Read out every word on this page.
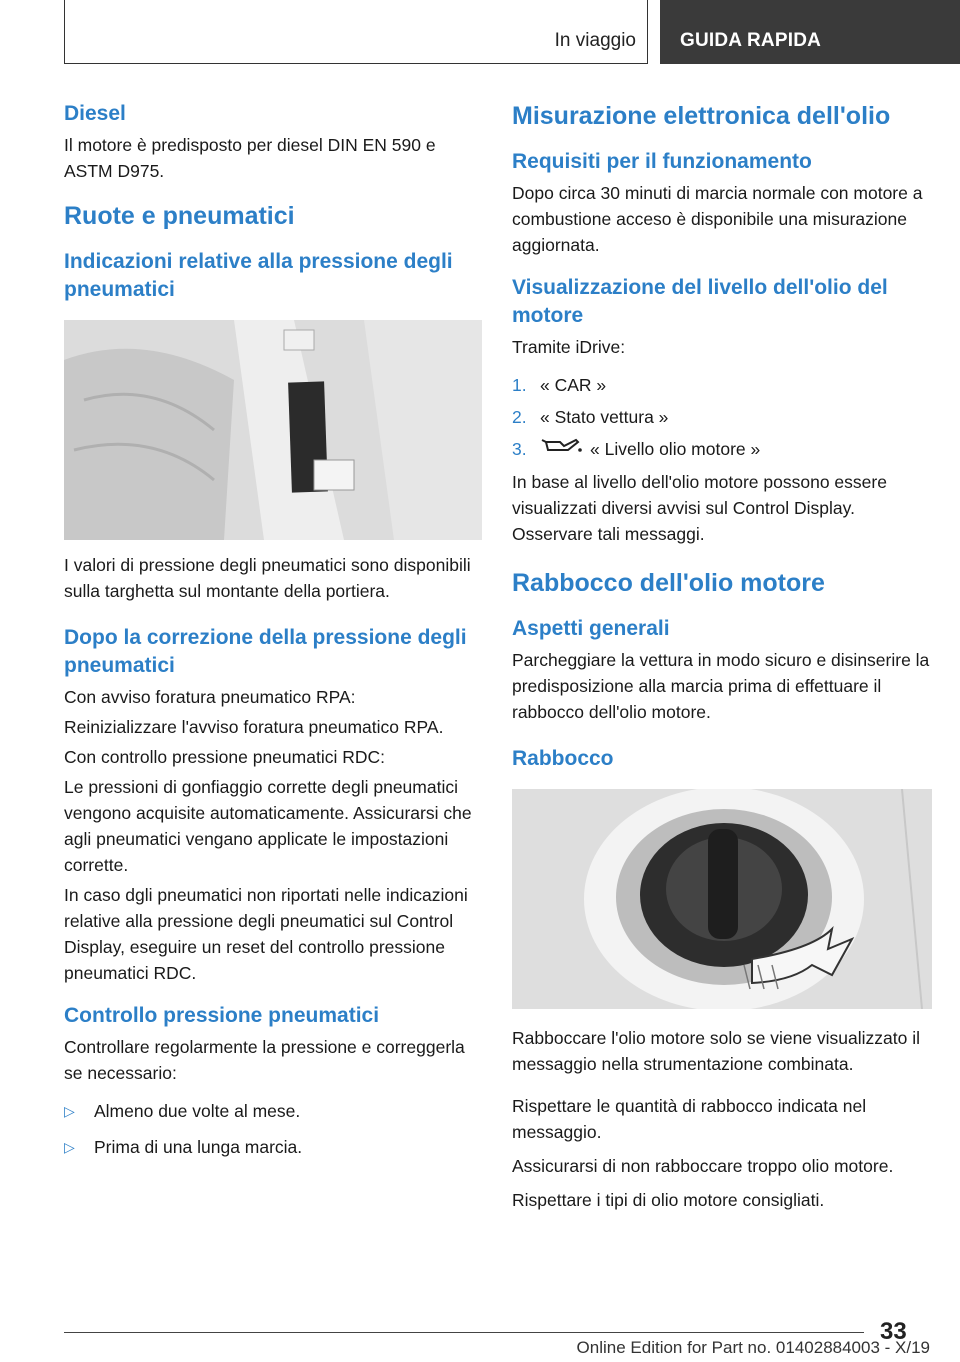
In viaggio	GUIDA RAPIDA
Diesel

Il motore è predisposto per diesel DIN EN 590 e ASTM D975.

Ruote e pneumatici
Indicazioni relative alla pressione degli pneumatici

I valori di pressione degli pneumatici sono disponibili sulla targhetta sul montante della portiera.

Dopo la correzione della pressione degli pneumatici

Con avviso foratura pneumatico RPA:

Reinizializzare l'avviso foratura pneumatico RPA.

Con controllo pressione pneumatici RDC:

Le pressioni di gonfiaggio corrette degli pneumatici vengono acquisite automaticamente. Assicurarsi che agli pneumatici vengano applicate le impostazioni corrette.

In caso dgli pneumatici non riportati nelle indicazioni relative alla pressione degli pneumatici sul Control Display, eseguire un reset del controllo pressione pneumatici RDC.

Controllo pressione pneumatici

Controllare regolarmente la pressione e correggerla se necessario:

▷	Almeno due volte al mese.
▷	Prima di una lunga marcia.
Misurazione elettronica dell'olio
Requisiti per il funzionamento

Dopo circa 30 minuti di marcia normale con motore a combustione acceso è disponibile una misurazione aggiornata.

Visualizzazione del livello dell'olio del motore

Tramite iDrive:

1. « CAR »
2. « Stato vettura »
3.	« Livello olio motore »

In base al livello dell'olio motore possono essere visualizzati diversi avvisi sul Control Display. Osservare tali messaggi.

Rabbocco dell'olio motore
Aspetti generali

Parcheggiare la vettura in modo sicuro e disinserire la predisposizione alla marcia prima di effettuare il rabbocco dell'olio motore.

Rabbocco

Rabboccare l'olio motore solo se viene visualizzato il messaggio nella strumentazione combinata.

Rispettare le quantità di rabbocco indicata nel messaggio.

Assicurarsi di non rabboccare troppo olio motore.

Rispettare i tipi di olio motore consigliati.

33
Online Edition for Part no. 01402884003 - X/19
